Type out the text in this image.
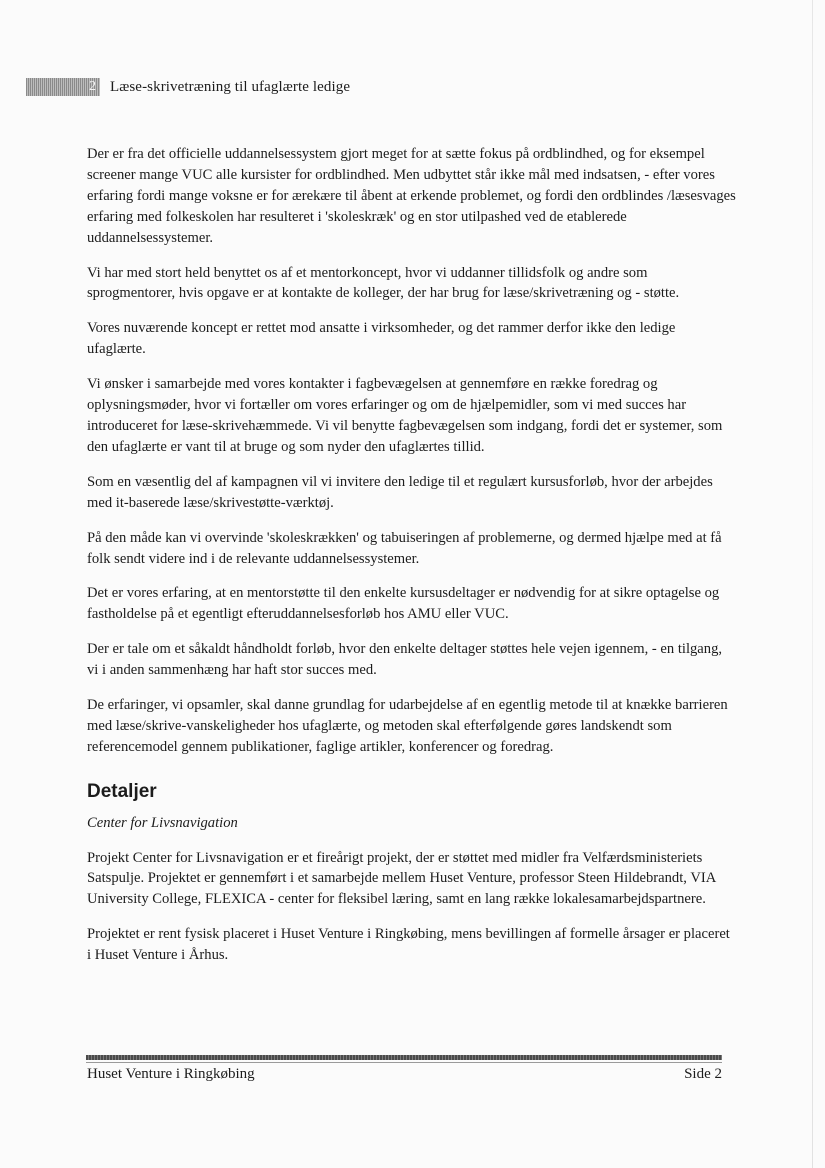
2 Læse-skrivetræning til ufaglærte ledige

Der er fra det officielle uddannelsessystem gjort meget for at sætte fokus på ordblindhed, og for eksempel screener mange VUC alle kursister for ordblindhed. Men udbyttet står ikke mål med indsatsen, - efter vores erfaring fordi mange voksne er for ærekære til åbent at erkende problemet, og fordi den ordblindes /læsesvages erfaring med folkeskolen har resulteret i 'skoleskræk' og en stor utilpashed ved de etablerede uddannelsessystemer.

Vi har med stort held benyttet os af et mentorkoncept, hvor vi uddanner tillidsfolk og andre som sprogmentorer, hvis opgave er at kontakte de kolleger, der har brug for læse/skrivetræning og - støtte.

Vores nuværende koncept er rettet mod ansatte i virksomheder, og det rammer derfor ikke den ledige ufaglærte.

Vi ønsker i samarbejde med vores kontakter i fagbevægelsen at gennemføre en række foredrag og oplysningsmøder, hvor vi fortæller om vores erfaringer og om de hjælpemidler, som vi med succes har introduceret for læse-skrivehæmmede. Vi vil benytte fagbevægelsen som indgang, fordi det er systemer, som den ufaglærte er vant til at bruge og som nyder den ufaglærtes tillid.

Som en væsentlig del af kampagnen vil vi invitere den ledige til et regulært kursusforløb, hvor der arbejdes med it-baserede læse/skrivestøtte-værktøj.

På den måde kan vi overvinde 'skoleskrækken' og tabuiseringen af problemerne, og dermed hjælpe med at få folk sendt videre ind i de relevante uddannelsessystemer.

Det er vores erfaring, at en mentorstøtte til den enkelte kursusdeltager er nødvendig for at sikre optagelse og fastholdelse på et egentligt efteruddannelsesforløb hos AMU eller VUC.

Der er tale om et såkaldt håndholdt forløb, hvor den enkelte deltager støttes hele vejen igennem, - en tilgang, vi i anden sammenhæng har haft stor succes med.

De erfaringer, vi opsamler, skal danne grundlag for udarbejdelse af en egentlig metode til at knække barrieren med læse/skrive-vanskeligheder hos ufaglærte, og metoden skal efterfølgende gøres landskendt som referencemodel gennem publikationer, faglige artikler, konferencer og foredrag.

Detaljer

Center for Livsnavigation

Projekt Center for Livsnavigation er et fireårigt projekt, der er støttet med midler fra Velfærdsministeriets Satspulje. Projektet er gennemført i et samarbejde mellem Huset Venture, professor Steen Hildebrandt, VIA University College, FLEXICA - center for fleksibel læring, samt en lang række lokalesamarbejdspartnere.

Projektet er rent fysisk placeret i Huset Venture i Ringkøbing, mens bevillingen af formelle årsager er placeret i Huset Venture i Århus.

Huset Venture i Ringkøbing	Side 2
